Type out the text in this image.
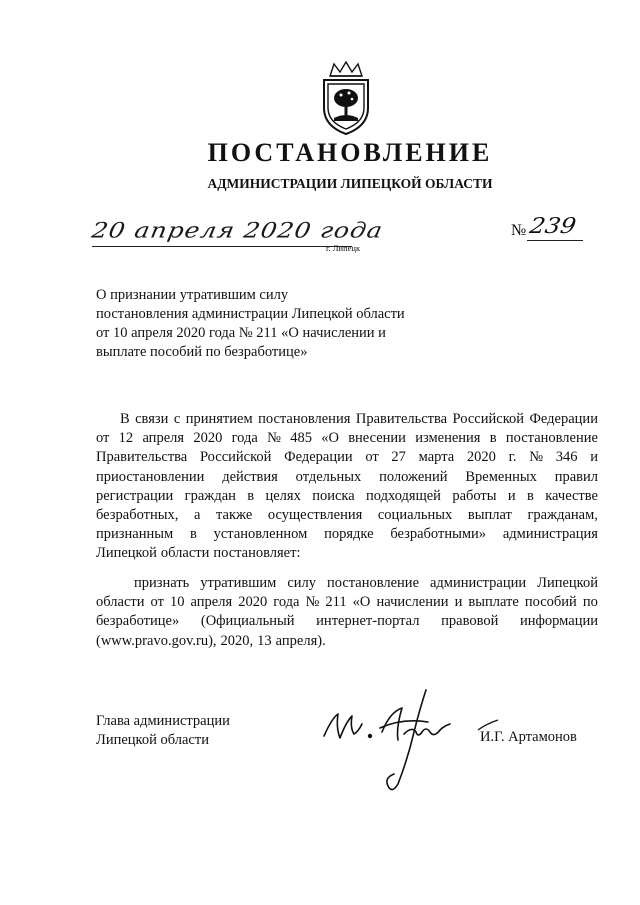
ПОСТАНОВЛЕНИЕ
АДМИНИСТРАЦИИ ЛИПЕЦКОЙ ОБЛАСТИ
20 апреля 2020 года
г. Липецк
№ 239
О признании утратившим силу
постановления администрации Липецкой области
от 10 апреля 2020 года № 211 «О начислении и
выплате пособий по безработице»
В связи с принятием постановления Правительства Российской Федерации
от 12 апреля 2020 года № 485 «О внесении изменения в постановление
Правительства Российской Федерации от 27 марта 2020 г. № 346 и
приостановлении действия отдельных положений Временных правил
регистрации граждан в целях поиска подходящей работы и в качестве
безработных, а также осуществления социальных выплат гражданам,
признанным в установленном порядке безработными» администрация
Липецкой области постановляет:
признать утратившим силу постановление администрации Липецкой
области от 10 апреля 2020 года № 211 «О начислении и выплате пособий по
безработице» (Официальный интернет-портал правовой информации
(www.pravo.gov.ru), 2020, 13 апреля).
Глава администрации
Липецкой области	И.Г. Артамонов
